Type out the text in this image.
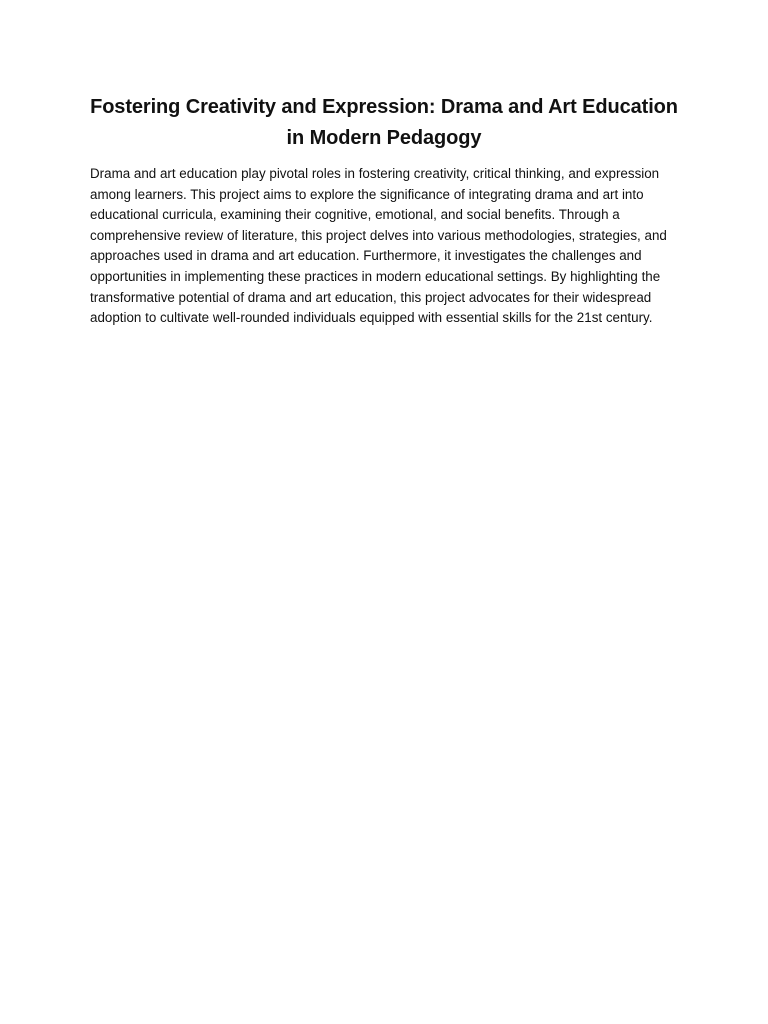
Fostering Creativity and Expression: Drama and Art Education in Modern Pedagogy

Drama and art education play pivotal roles in fostering creativity, critical thinking, and expression among learners. This project aims to explore the significance of integrating drama and art into educational curricula, examining their cognitive, emotional, and social benefits. Through a comprehensive review of literature, this project delves into various methodologies, strategies, and approaches used in drama and art education. Furthermore, it investigates the challenges and opportunities in implementing these practices in modern educational settings. By highlighting the transformative potential of drama and art education, this project advocates for their widespread adoption to cultivate well-rounded individuals equipped with essential skills for the 21st century.
